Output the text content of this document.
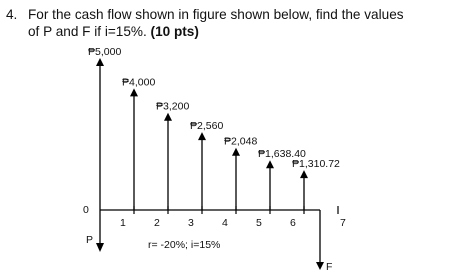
4. For the cash flow shown in figure shown below, find the values
of P and F if i=15%. (10 pts)
1	2	3	4	5	6	7
₱5,000
₱4,000
₱3,200
₱2,560
₱2,048
₱1,638.40
₱1,310.72
0
P
F
r= -20%; i=15%
